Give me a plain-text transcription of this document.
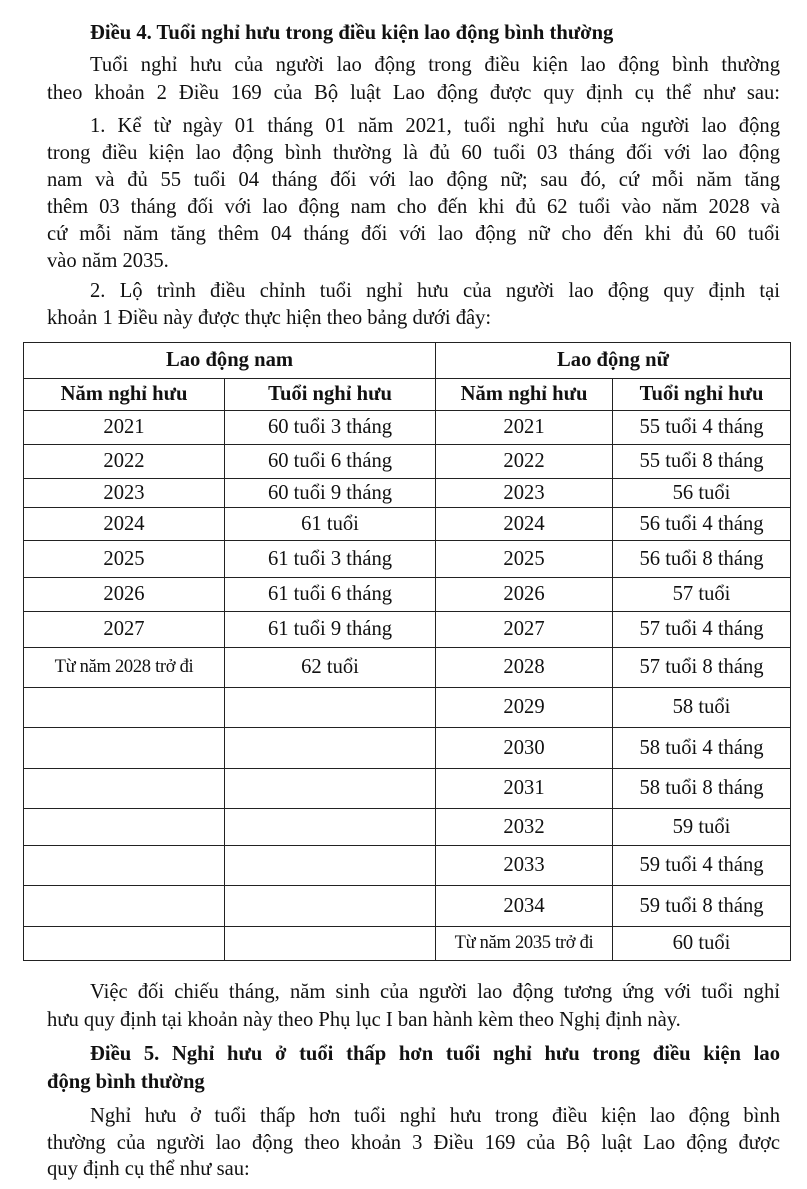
Điều 4. Tuổi nghỉ hưu trong điều kiện lao động bình thường
Tuổi nghỉ hưu của người lao động trong điều kiện lao động bình thường
theo khoản 2 Điều 169 của Bộ luật Lao động được quy định cụ thể như sau:
1. Kể từ ngày 01 tháng 01 năm 2021, tuổi nghỉ hưu của người lao động
trong điều kiện lao động bình thường là đủ 60 tuổi 03 tháng đối với lao động
nam và đủ 55 tuổi 04 tháng đối với lao động nữ; sau đó, cứ mỗi năm tăng
thêm 03 tháng đối với lao động nam cho đến khi đủ 62 tuổi vào năm 2028 và
cứ mỗi năm tăng thêm 04 tháng đối với lao động nữ cho đến khi đủ 60 tuổi
vào năm 2035.
2. Lộ trình điều chỉnh tuổi nghỉ hưu của người lao động quy định tại
khoản 1 Điều này được thực hiện theo bảng dưới đây:
Lao động nam		Lao động nữ	
Năm nghỉ hưu	Tuổi nghỉ hưu	Năm nghỉ hưu	Tuổi nghỉ hưu
2021	60 tuổi 3 tháng	2021	55 tuổi 4 tháng
2022	60 tuổi 6 tháng	2022	55 tuổi 8 tháng
2023	60 tuổi 9 tháng	2023	56 tuổi
2024	61 tuổi	2024	56 tuổi 4 tháng
2025	61 tuổi 3 tháng	2025	56 tuổi 8 tháng
2026	61 tuổi 6 tháng	2026	57 tuổi
2027	61 tuổi 9 tháng	2027	57 tuổi 4 tháng
Từ năm 2028 trở đi	62 tuổi	2028	57 tuổi 8 tháng
		2029	58 tuổi
		2030	58 tuổi 4 tháng
		2031	58 tuổi 8 tháng
		2032	59 tuổi
		2033	59 tuổi 4 tháng
		2034	59 tuổi 8 tháng
		Từ năm 2035 trở đi	60 tuổi
Việc đối chiếu tháng, năm sinh của người lao động tương ứng với tuổi nghỉ
hưu quy định tại khoản này theo Phụ lục I ban hành kèm theo Nghị định này.
Điều 5. Nghỉ hưu ở tuổi thấp hơn tuổi nghỉ hưu trong điều kiện lao
động bình thường
Nghỉ hưu ở tuổi thấp hơn tuổi nghỉ hưu trong điều kiện lao động bình
thường của người lao động theo khoản 3 Điều 169 của Bộ luật Lao động được
quy định cụ thể như sau:
